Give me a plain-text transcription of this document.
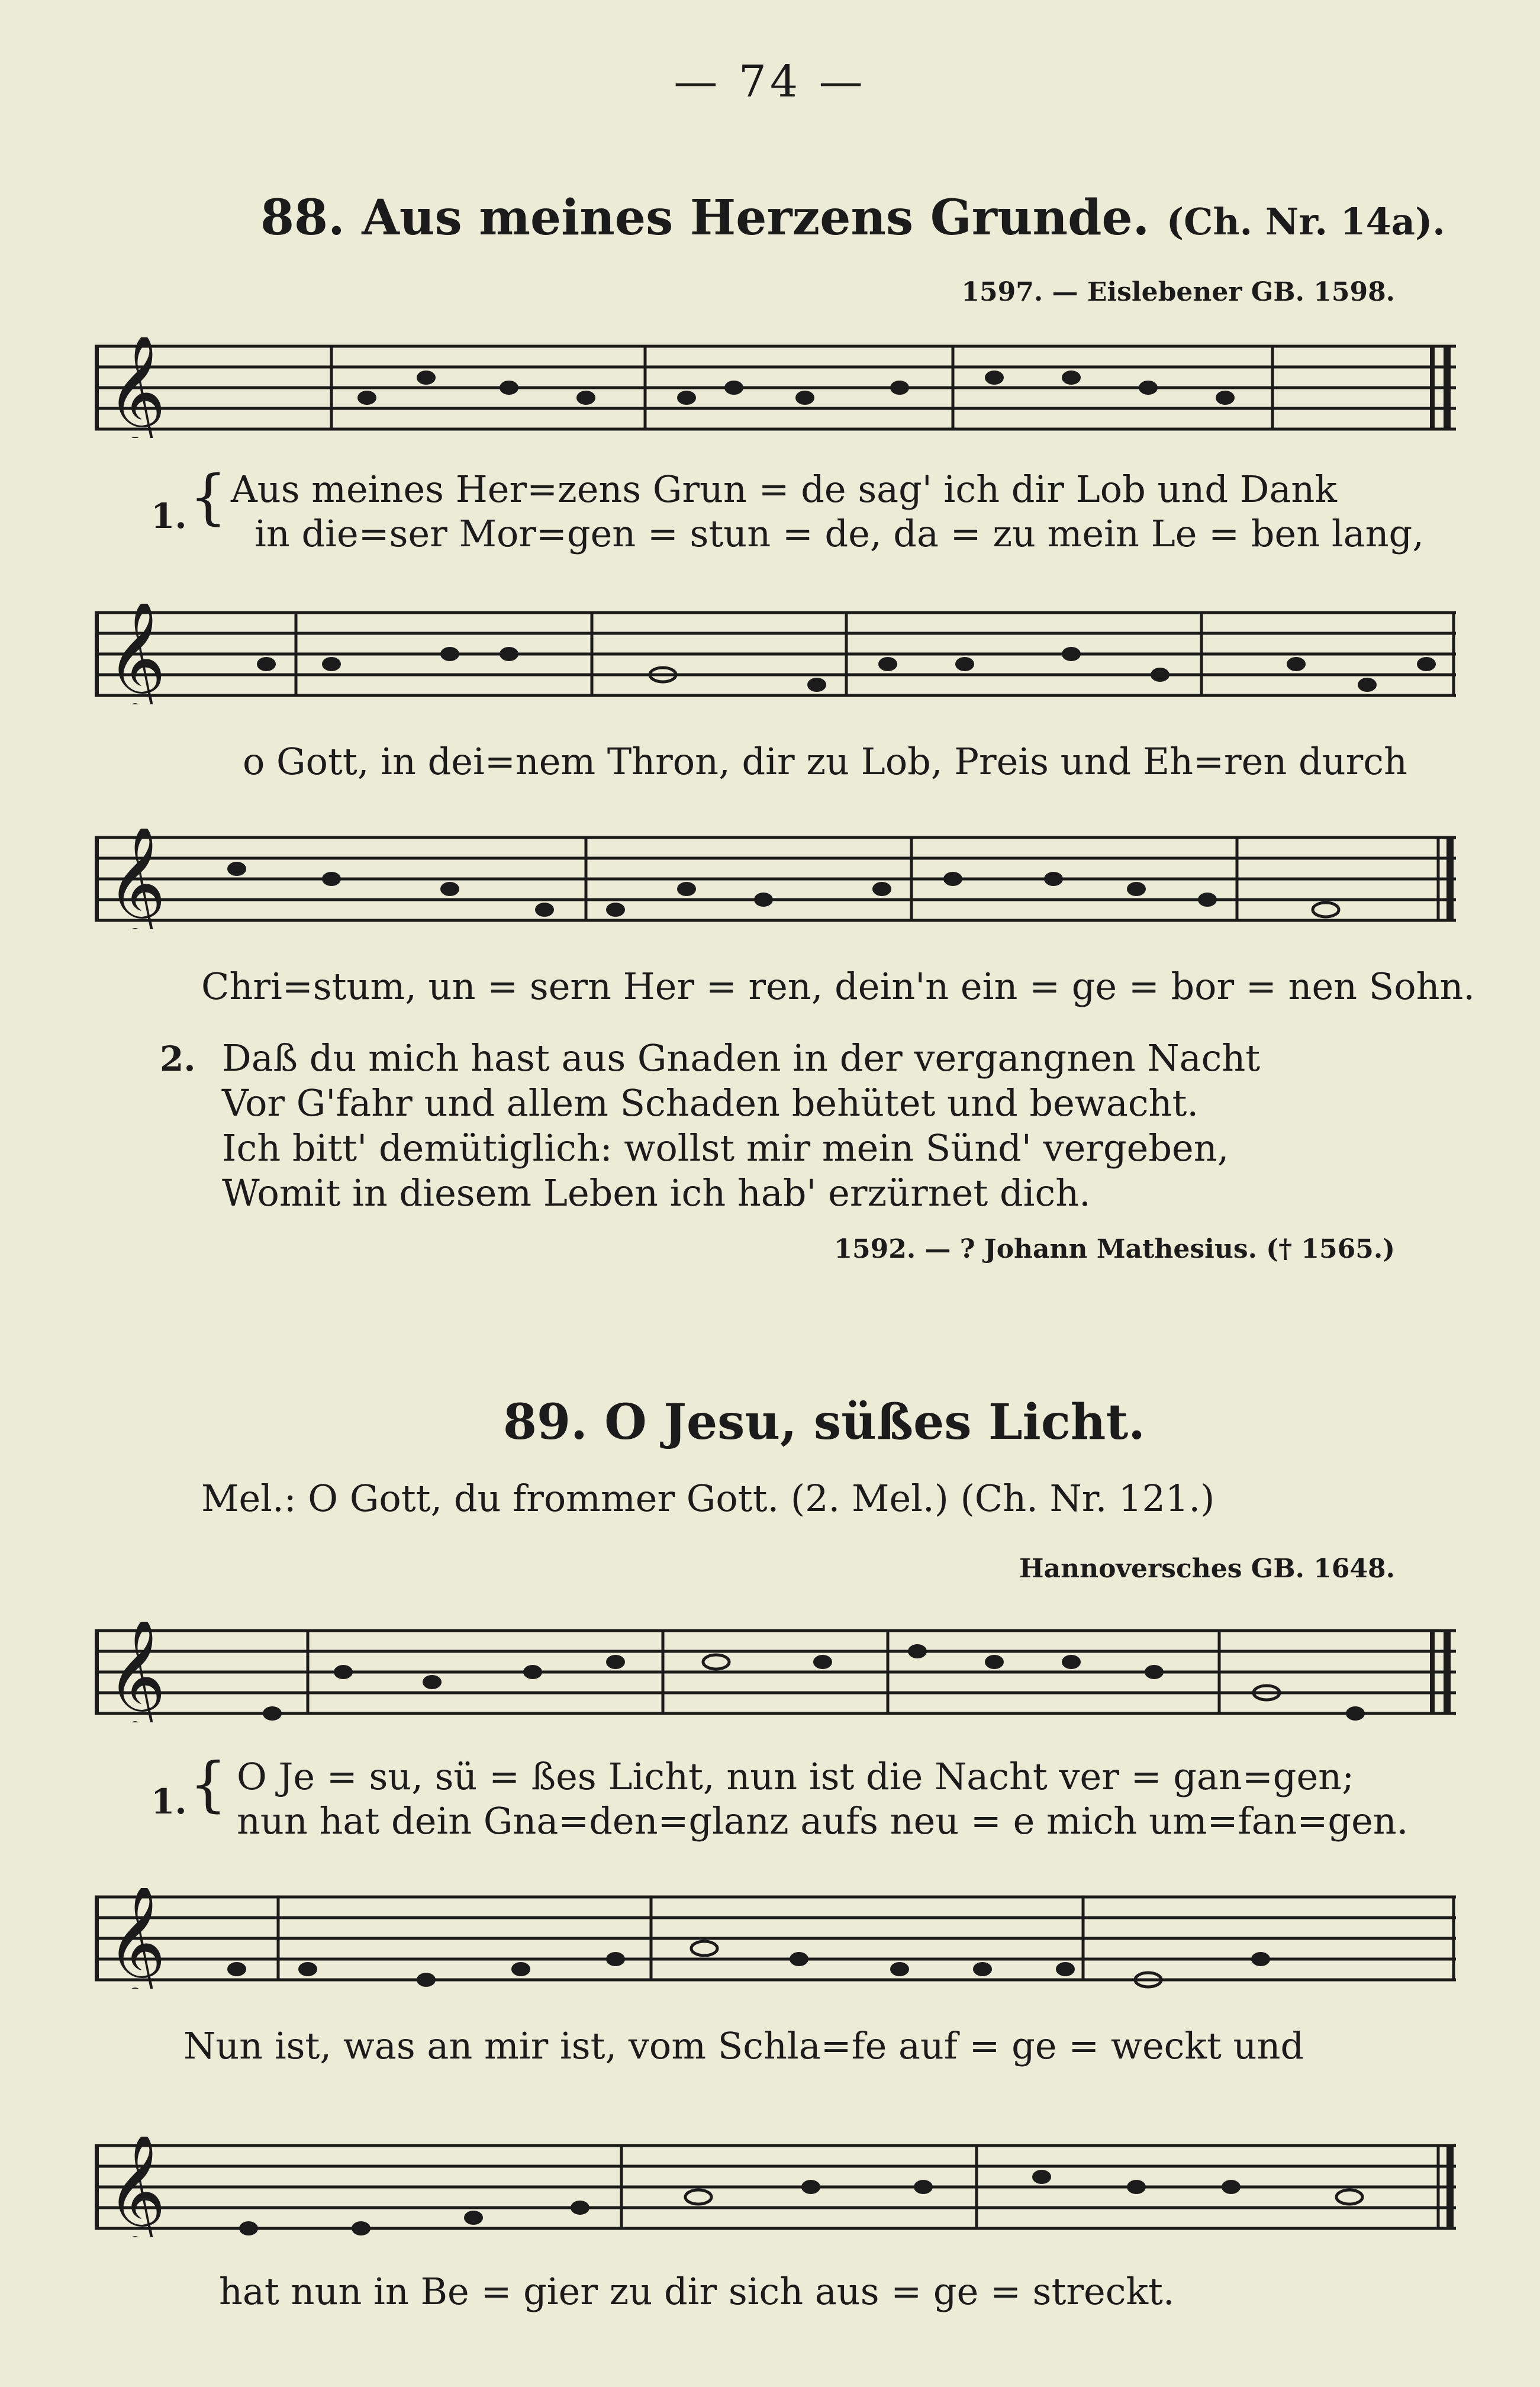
— 74 —
88. Aus meines Herzens Grunde. (Ch. Nr. 14a).
1597. — Eislebener GB. 1598.
𝄞
1. { Aus meines Her=zens Grun = de sag' ich dir Lob und Dank
in die=ser Mor=gen = stun = de, da = zu mein Le = ben lang,
𝄞
o Gott, in dei=nem Thron, dir zu Lob, Preis und Eh=ren durch
𝄞
Chri=stum, un = sern Her = ren, dein'n ein = ge = bor = nen Sohn.
2. Daß du mich hast aus Gnaden in der vergangnen Nacht
Vor G'fahr und allem Schaden behütet und bewacht.
Ich bitt' demütiglich: wollst mir mein Sünd' vergeben,
Womit in diesem Leben ich hab' erzürnet dich.
1592. — ? Johann Mathesius. († 1565.)
89. O Jesu, süßes Licht.
Mel.: O Gott, du frommer Gott. (2. Mel.) (Ch. Nr. 121.)
Hannoversches GB. 1648.
𝄞
1. { O Je = su, sü = ßes Licht, nun ist die Nacht ver = gan=gen;
nun hat dein Gna=den=glanz aufs neu = e mich um=fan=gen.
𝄞
Nun ist, was an mir ist, vom Schla=fe auf = ge = weckt und
𝄞
hat nun in Be = gier zu dir sich aus = ge = streckt.
